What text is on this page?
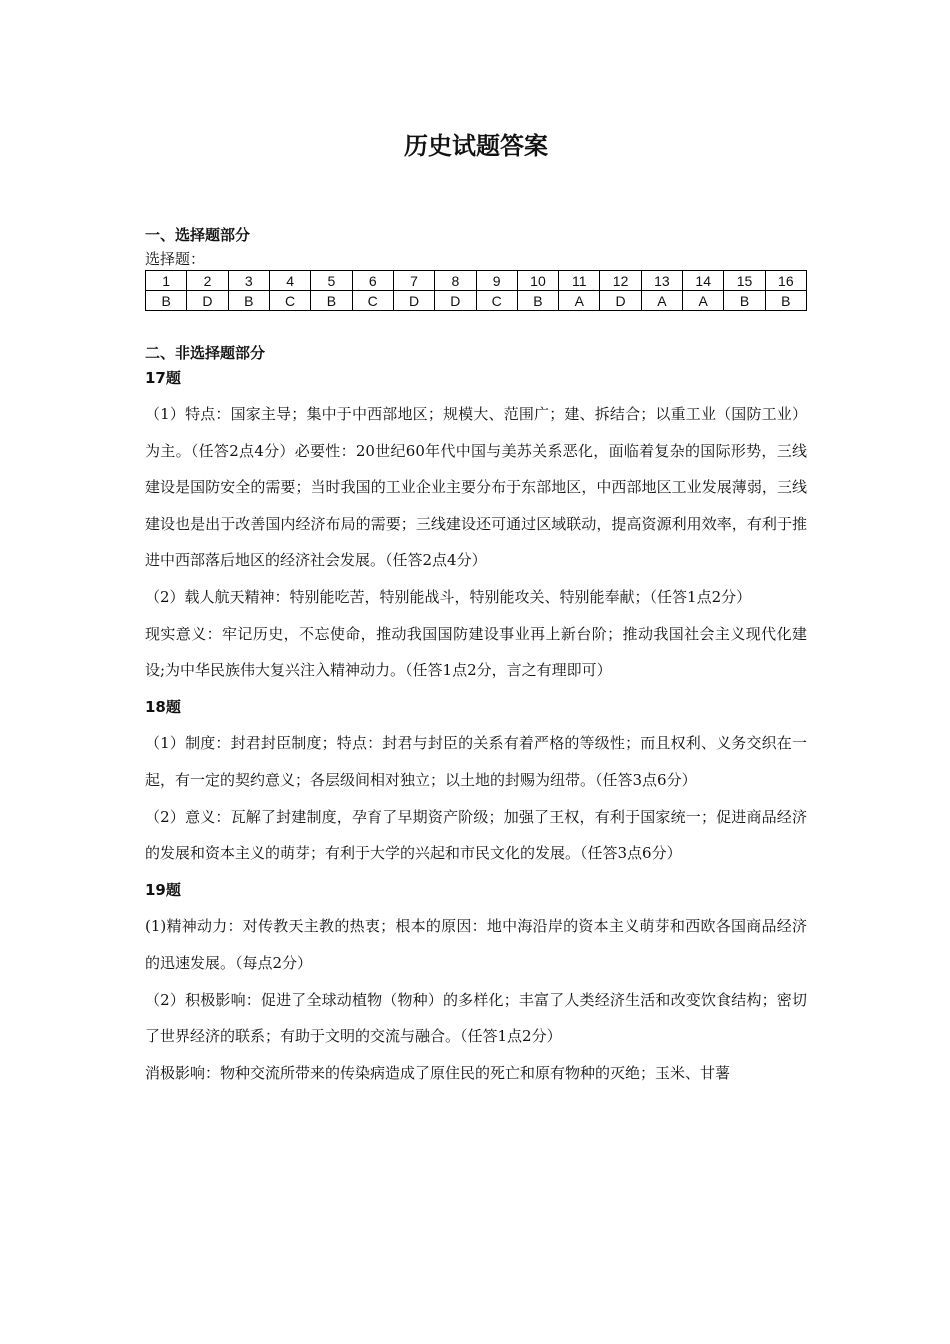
历史试题答案
一、选择题部分
选择题：
1	2	3	4	5	6	7	8	9	10	11	12	13	14	15	16
B	D	B	C	B	C	D	D	C	B	A	D	A	A	B	B
二、非选择题部分
17题

（1）特点：国家主导；集中于中西部地区；规模大、范围广；建、拆结合；以重工业（国防工业）为主。（任答2点4分）必要性：20世纪60年代中国与美苏关系恶化，面临着复杂的国际形势，三线建设是国防安全的需要；当时我国的工业企业主要分布于东部地区，中西部地区工业发展薄弱，三线建设也是出于改善国内经济布局的需要；三线建设还可通过区域联动，提高资源利用效率，有利于推进中西部落后地区的经济社会发展。（任答2点4分）

（2）载人航天精神：特别能吃苦，特别能战斗，特别能攻关、特别能奉献；（任答1点2分）

现实意义：牢记历史，不忘使命，推动我国国防建设事业再上新台阶；推动我国社会主义现代化建设;为中华民族伟大复兴注入精神动力。（任答1点2分，言之有理即可）

18题

（1）制度：封君封臣制度；特点：封君与封臣的关系有着严格的等级性；而且权利、义务交织在一起，有一定的契约意义；各层级间相对独立；以土地的封赐为纽带。（任答3点6分）

（2）意义：瓦解了封建制度，孕育了早期资产阶级；加强了王权，有利于国家统一；促进商品经济的发展和资本主义的萌芽；有利于大学的兴起和市民文化的发展。（任答3点6分）

19题

(1)精神动力：对传教天主教的热衷；根本的原因：地中海沿岸的资本主义萌芽和西欧各国商品经济的迅速发展。（每点2分）

（2）积极影响：促进了全球动植物（物种）的多样化；丰富了人类经济生活和改变饮食结构；密切了世界经济的联系；有助于文明的交流与融合。（任答1点2分）

消极影响：物种交流所带来的传染病造成了原住民的死亡和原有物种的灭绝；玉米、甘薯
